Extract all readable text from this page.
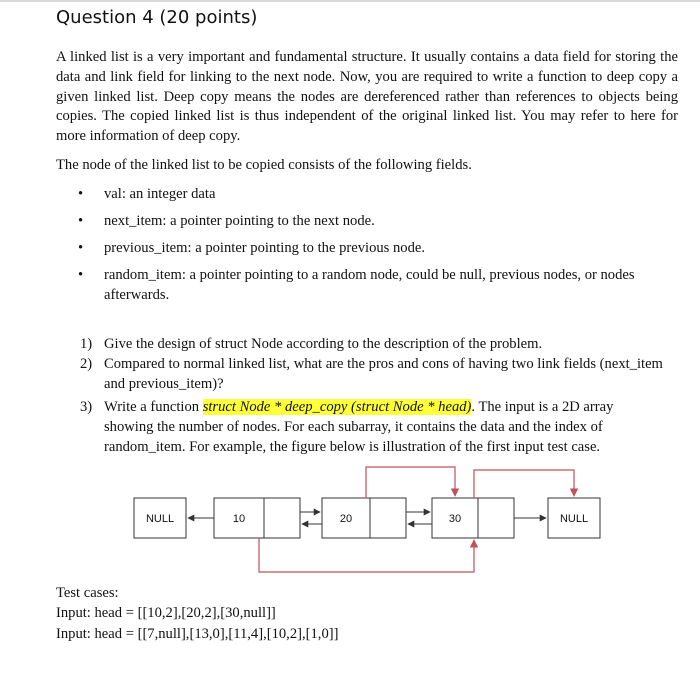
Question 4 (20 points)

A linked list is a very important and fundamental structure. It usually contains a data field for storing the data and link field for linking to the next node. Now, you are required to write a function to deep copy a given linked list. Deep copy means the nodes are dereferenced rather than references to objects being copies. The copied linked list is thus independent of the original linked list. You may refer to here for more information of deep copy.

The node of the linked list to be copied consists of the following fields.

• val: an integer data
• next_item: a pointer pointing to the next node.
• previous_item: a pointer pointing to the previous node.
• random_item: a pointer pointing to a random node, could be null, previous nodes, or nodes afterwards.
1) Give the design of struct Node according to the description of the problem.
2) Compared to normal linked list, what are the pros and cons of having two link fields (next_item and previous_item)?
3) Write a function struct Node * deep_copy (struct Node * head). The input is a 2D array showing the number of nodes. For each subarray, it contains the data and the index of random_item. For example, the figure below is illustration of the first input test case.
NULL	10	20	30	NULL

Test cases:

Input: head = [[10,2],[20,2],[30,null]]

Input: head = [[7,null],[13,0],[11,4],[10,2],[1,0]]
